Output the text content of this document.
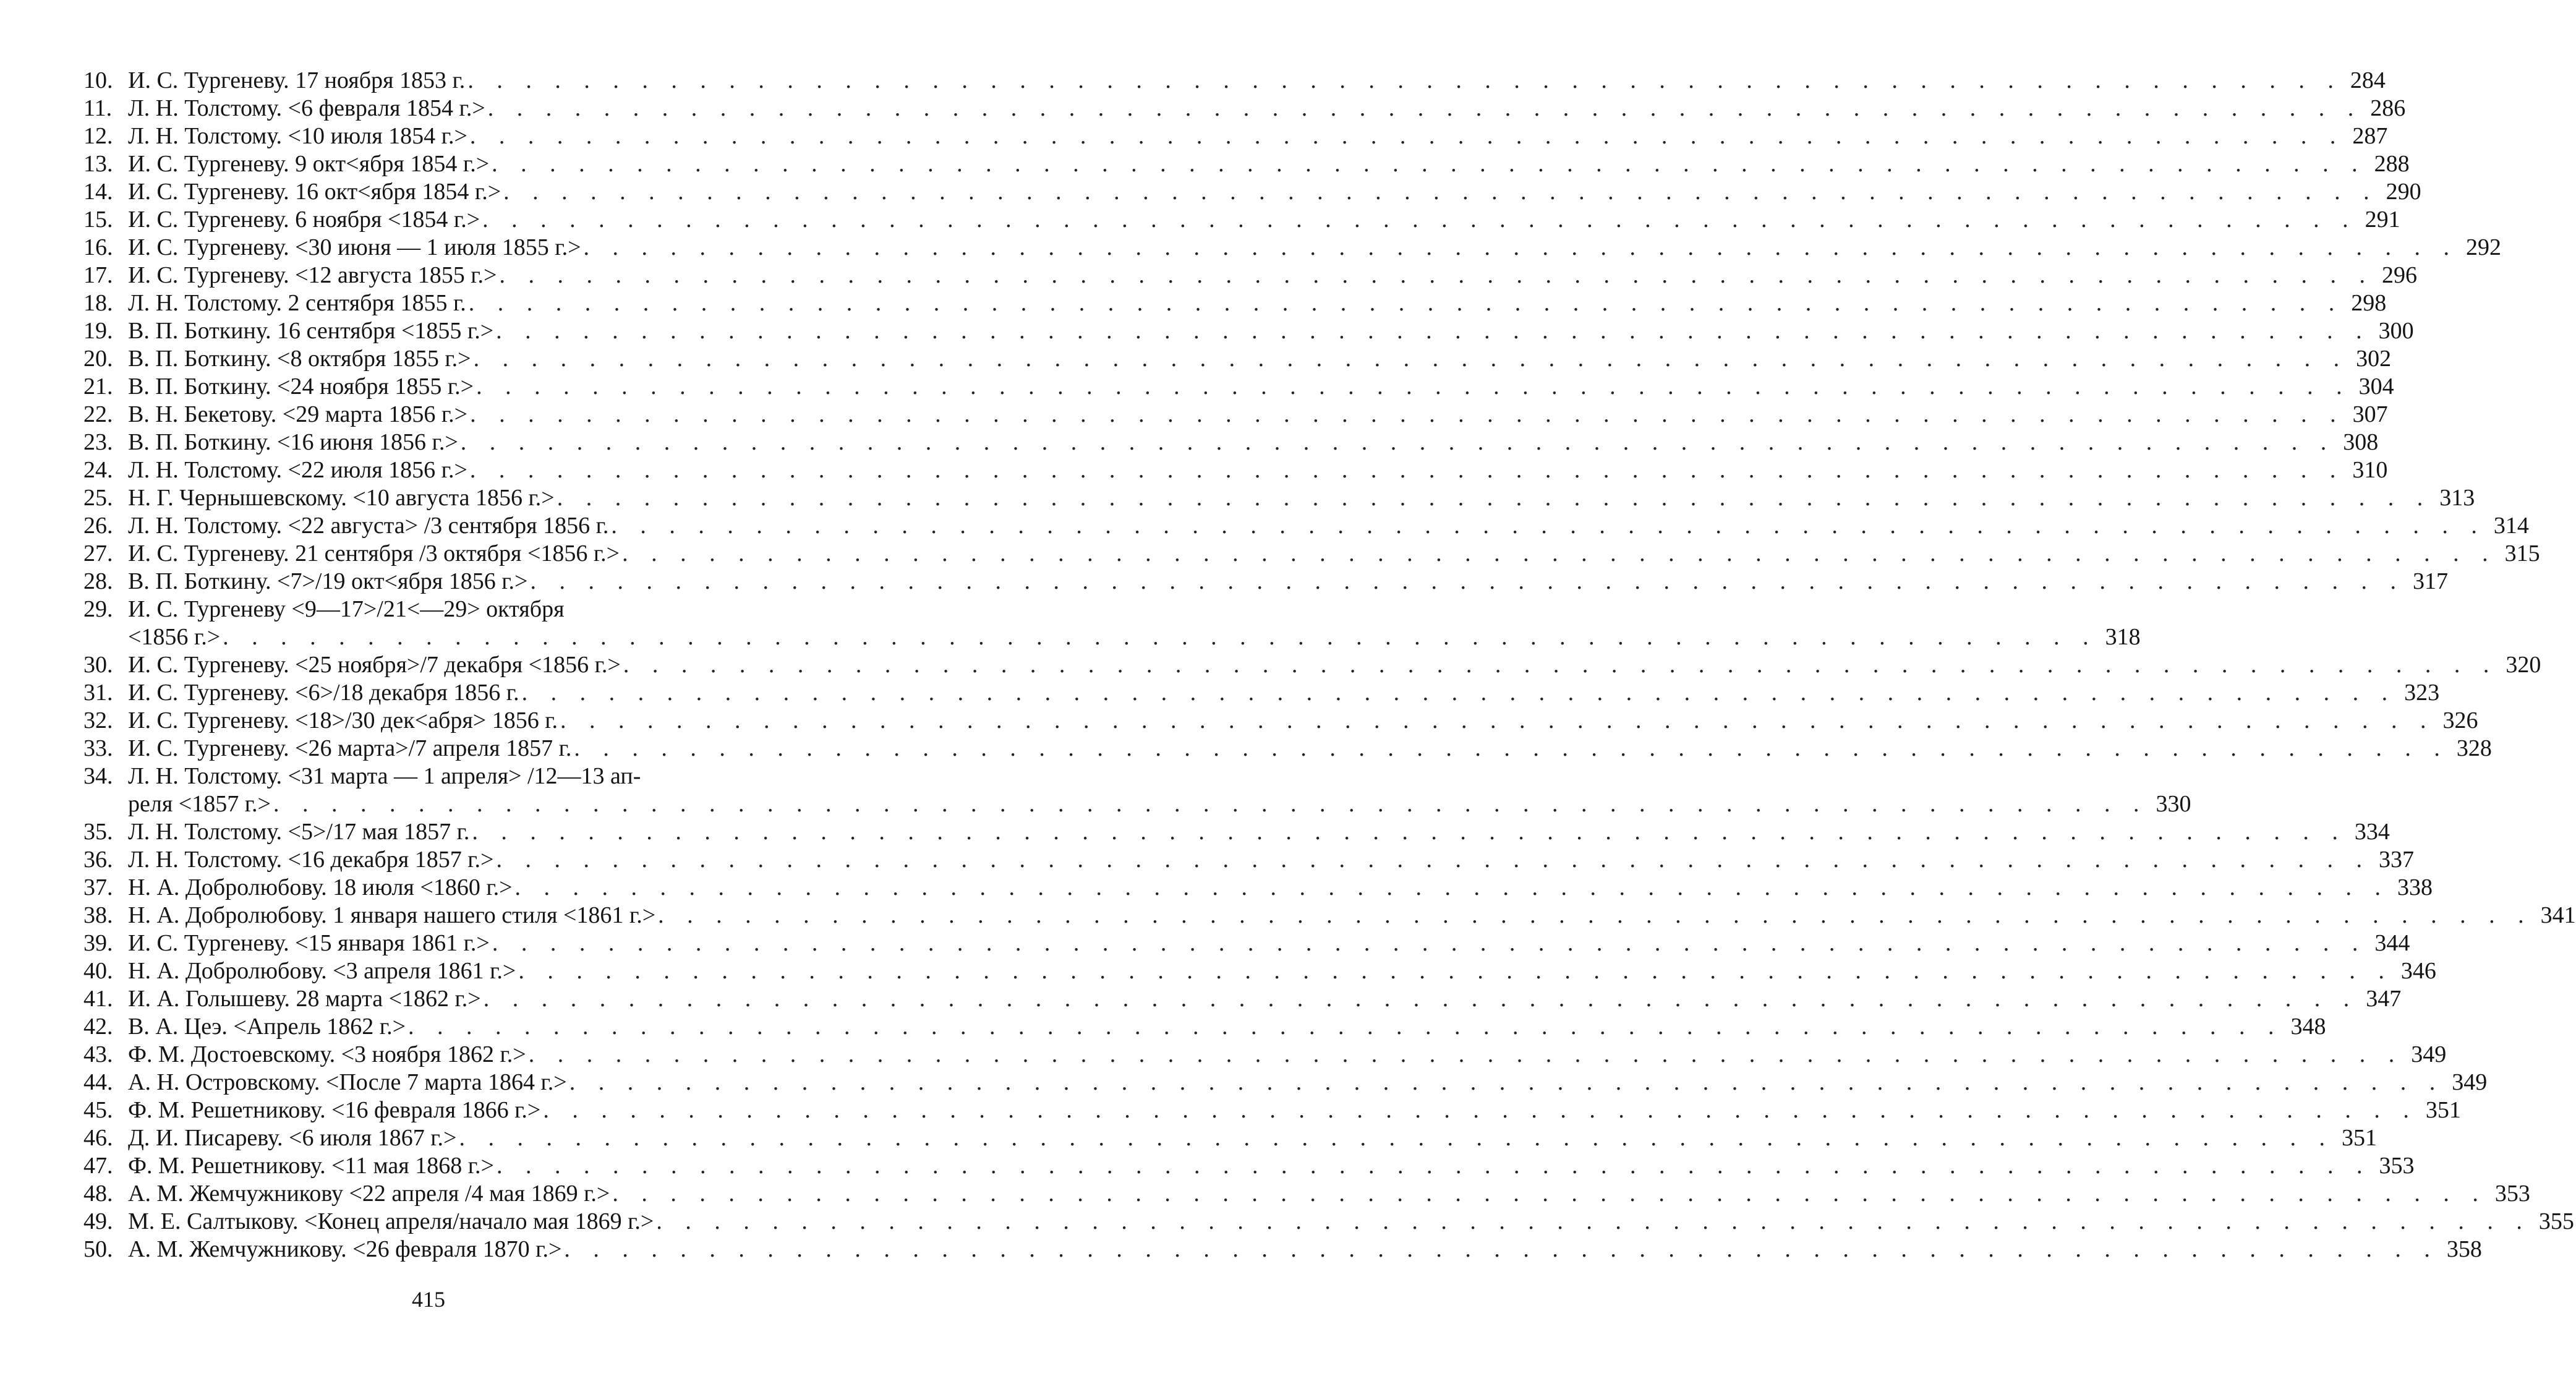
10. И. С. Тургеневу. 17 ноября 1853 г. . . .	284
11. Л. Н. Толстому. <6 февраля 1854 г.> . . .	286
12. Л. Н. Толстому. <10 июля 1854 г.> . . .	287
13. И. С. Тургеневу. 9 окт<ября 1854 г.> . . .	288
14. И. С. Тургеневу. 16 окт<ября 1854 г.> . . .	290
15. И. С. Тургеневу. 6 ноября <1854 г.> . . .	291
16. И. С. Тургеневу. <30 июня — 1 июля 1855 г.> . . .	292
17. И. С. Тургеневу. <12 августа 1855 г.> . . .	296
18. Л. Н. Толстому. 2 сентября 1855 г. . . .	298
19. В. П. Боткину. 16 сентября <1855 г.> . . .	300
20. В. П. Боткину. <8 октября 1855 г.> . . .	302
21. В. П. Боткину. <24 ноября 1855 г.> . . .	304
22. В. Н. Бекетову. <29 марта 1856 г.> . . .	307
23. В. П. Боткину. <16 июня 1856 г.> . . .	308
24. Л. Н. Толстому. <22 июля 1856 г.> . . .	310
25. Н. Г. Чернышевскому. <10 августа 1856 г.> . . .	313
26. Л. Н. Толстому. <22 августа> /3 сентября 1856 г. . . .	314
27. И. С. Тургеневу. 21 сентября /3 октября <1856 г.> . . .	315
28. В. П. Боткину. <7>/19 окт<ября 1856 г.> . . .	317
29. И. С. Тургеневу <9—17>/21<—29> октября
<1856 г.> . . .	318
30. И. С. Тургеневу. <25 ноября>/7 декабря <1856 г.> . . .	320
31. И. С. Тургеневу. <6>/18 декабря 1856 г. . . .	323
32. И. С. Тургеневу. <18>/30 дек<абря> 1856 г. . . .	326
33. И. С. Тургеневу. <26 марта>/7 апреля 1857 г. . . .	328
34. Л. Н. Толстому. <31 марта — 1 апреля> /12—13 ап-
реля <1857 г.> . . .	330
35. Л. Н. Толстому. <5>/17 мая 1857 г. . . .	334
36. Л. Н. Толстому. <16 декабря 1857 г.> . . .	337
37. Н. А. Добролюбову. 18 июля <1860 г.> . . .	338
38. Н. А. Добролюбову. 1 января нашего стиля <1861 г.> . . .	341
39. И. С. Тургеневу. <15 января 1861 г.> . . .	344
40. Н. А. Добролюбову. <3 апреля 1861 г.> . . .	346
41. И. А. Голышеву. 28 марта <1862 г.> . . .	347
42. В. А. Цеэ. <Апрель 1862 г.> . . .	348
43. Ф. М. Достоевскому. <3 ноября 1862 г.> . . .	349
44. А. Н. Островскому. <После 7 марта 1864 г.> . . .	349
45. Ф. М. Решетникову. <16 февраля 1866 г.> . . .	351
46. Д. И. Писареву. <6 июля 1867 г.> . . .	351
47. Ф. М. Решетникову. <11 мая 1868 г.> . . .	353
48. А. М. Жемчужникову <22 апреля /4 мая 1869 г.> . . .	353
49. М. Е. Салтыкову. <Конец апреля/начало мая 1869 г.> . . .	355
50. А. М. Жемчужникову. <26 февраля 1870 г.> . . .	358
415
